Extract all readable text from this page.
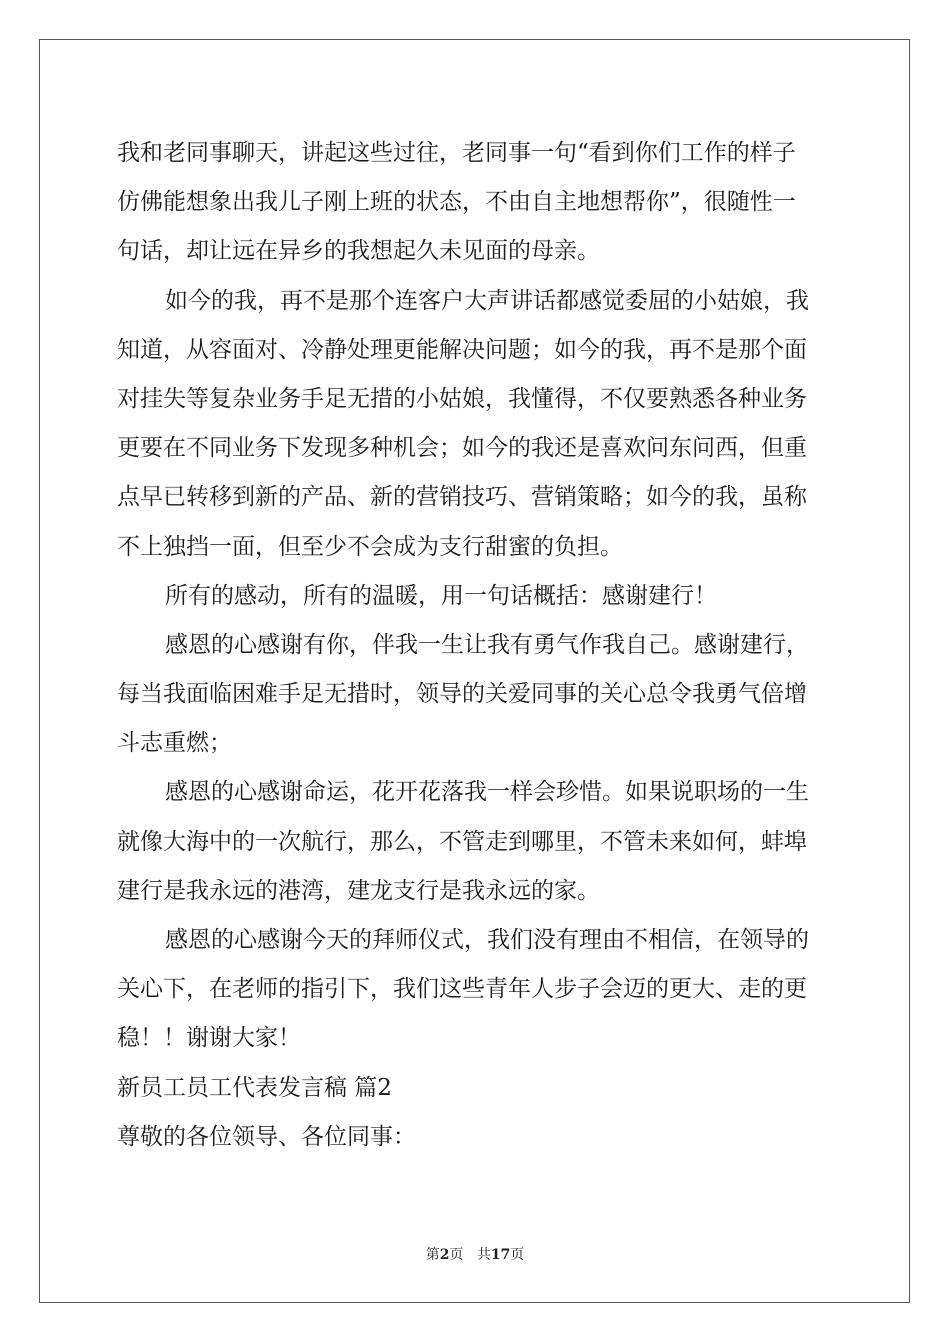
我和老同事聊天，讲起这些过往，老同事一句“看到你们工作的样子
仿佛能想象出我儿子刚上班的状态，不由自主地想帮你”，很随性一
句话，却让远在异乡的我想起久未见面的母亲。
如今的我，再不是那个连客户大声讲话都感觉委屈的小姑娘，我
知道，从容面对、冷静处理更能解决问题；如今的我，再不是那个面
对挂失等复杂业务手足无措的小姑娘，我懂得，不仅要熟悉各种业务
更要在不同业务下发现多种机会；如今的我还是喜欢问东问西，但重
点早已转移到新的产品、新的营销技巧、营销策略；如今的我，虽称
不上独挡一面，但至少不会成为支行甜蜜的负担。
所有的感动，所有的温暖，用一句话概括：感谢建行！
感恩的心感谢有你，伴我一生让我有勇气作我自己。感谢建行，
每当我面临困难手足无措时，领导的关爱同事的关心总令我勇气倍增
斗志重燃；
感恩的心感谢命运，花开花落我一样会珍惜。如果说职场的一生
就像大海中的一次航行，那么，不管走到哪里，不管未来如何，蚌埠
建行是我永远的港湾，建龙支行是我永远的家。
感恩的心感谢今天的拜师仪式，我们没有理由不相信，在领导的
关心下，在老师的指引下，我们这些青年人步子会迈的更大、走的更
稳！！谢谢大家！
新员工员工代表发言稿 篇2
尊敬的各位领导、各位同事：
第2页 共17页
